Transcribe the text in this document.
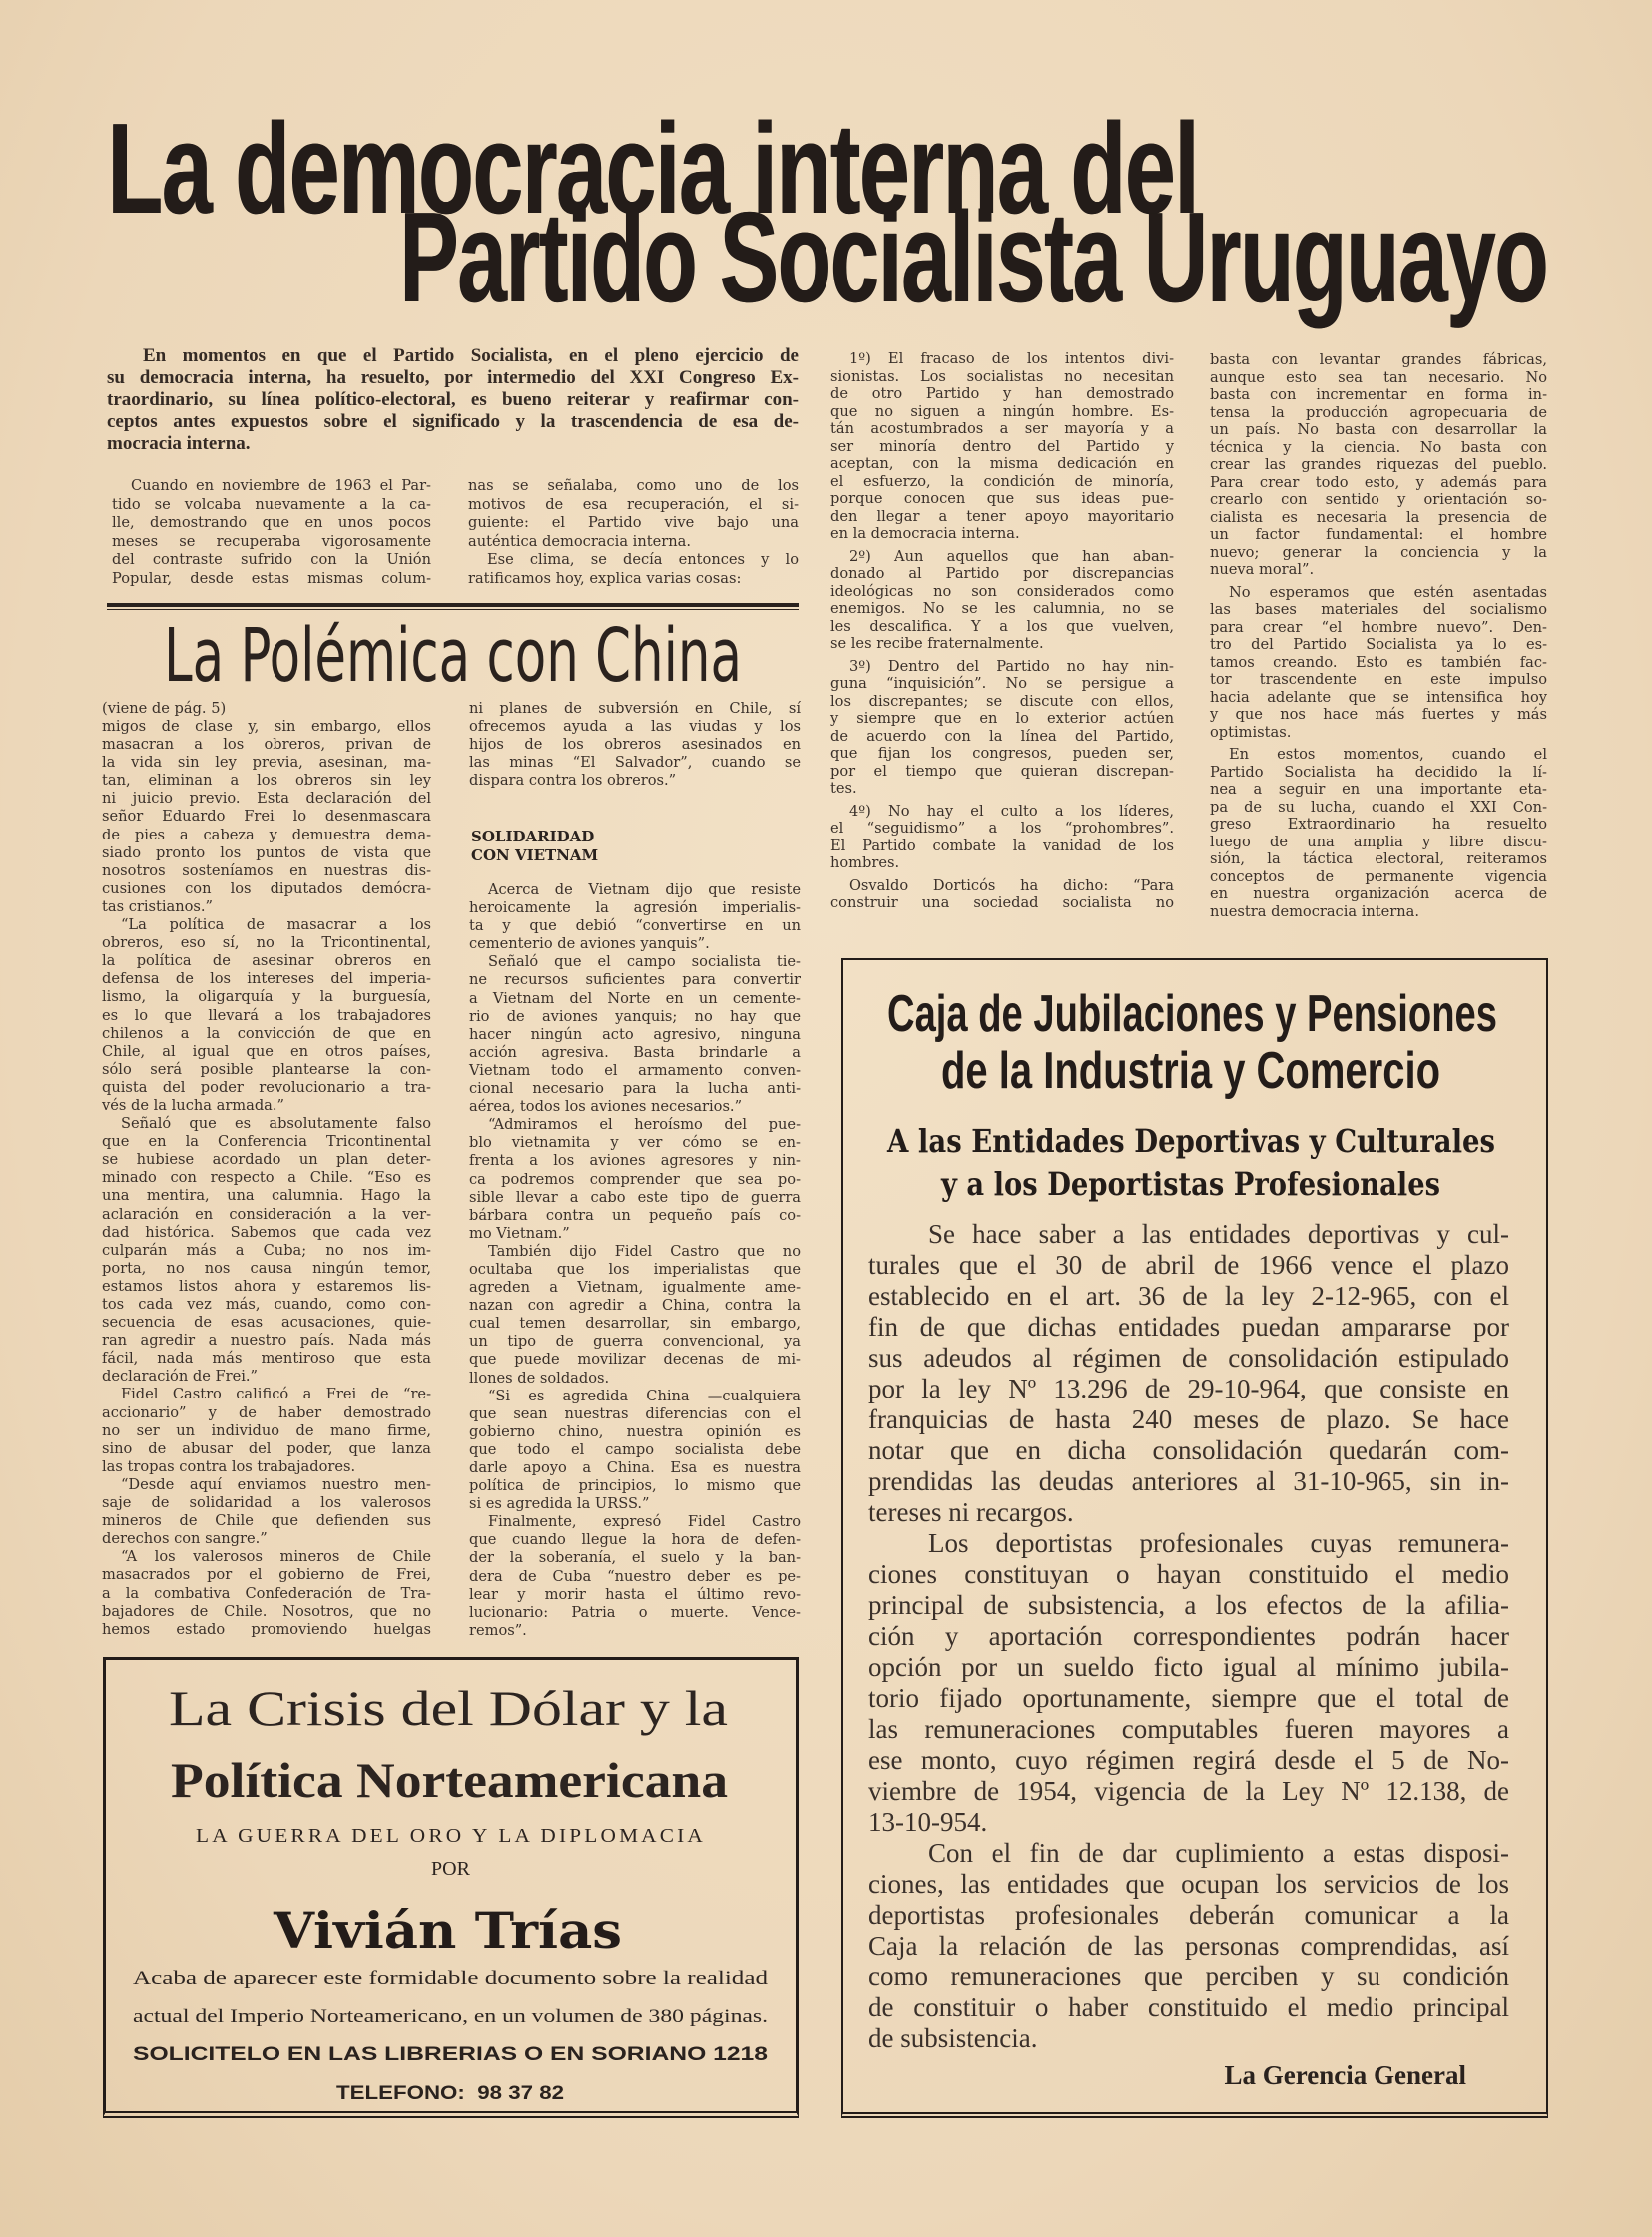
La democracia interna del
Partido Socialista Uruguayo
En momentos en que el Partido Socialista, en el pleno ejercicio de
su democracia interna, ha resuelto, por intermedio del XXI Congreso Ex-
traordinario, su línea político-electoral, es bueno reiterar y reafirmar con-
ceptos antes expuestos sobre el significado y la trascendencia de esa de-
mocracia interna.
Cuando en noviembre de 1963 el Par-
tido se volcaba nuevamente a la ca-
lle, demostrando que en unos pocos
meses se recuperaba vigorosamente
del contraste sufrido con la Unión
Popular, desde estas mismas colum-
nas se señalaba, como uno de los
motivos de esa recuperación, el si-
guiente: el Partido vive bajo una
auténtica democracia interna.
Ese clima, se decía entonces y lo
ratificamos hoy, explica varias cosas:
1º) El fracaso de los intentos divi-
sionistas. Los socialistas no necesitan
de otro Partido y han demostrado
que no siguen a ningún hombre. Es-
tán acostumbrados a ser mayoría y a
ser minoría dentro del Partido y
aceptan, con la misma dedicación en
el esfuerzo, la condición de minoría,
porque conocen que sus ideas pue-
den llegar a tener apoyo mayoritario
en la democracia interna.
2º) Aun aquellos que han aban-
donado al Partido por discrepancias
ideológicas no son considerados como
enemigos. No se les calumnia, no se
les descalifica. Y a los que vuelven,
se les recibe fraternalmente.
3º) Dentro del Partido no hay nin-
guna “inquisición”. No se persigue a
los discrepantes; se discute con ellos,
y siempre que en lo exterior actúen
de acuerdo con la línea del Partido,
que fijan los congresos, pueden ser,
por el tiempo que quieran discrepan-
tes.
4º) No hay el culto a los líderes,
el “seguidismo” a los “prohombres”.
El Partido combate la vanidad de los
hombres.
Osvaldo Dorticós ha dicho: “Para
construir una sociedad socialista no
basta con levantar grandes fábricas,
aunque esto sea tan necesario. No
basta con incrementar en forma in-
tensa la producción agropecuaria de
un país. No basta con desarrollar la
técnica y la ciencia. No basta con
crear las grandes riquezas del pueblo.
Para crear todo esto, y además para
crearlo con sentido y orientación so-
cialista es necesaria la presencia de
un factor fundamental: el hombre
nuevo; generar la conciencia y la
nueva moral”.
No esperamos que estén asentadas
las bases materiales del socialismo
para crear “el hombre nuevo”. Den-
tro del Partido Socialista ya lo es-
tamos creando. Esto es también fac-
tor trascendente en este impulso
hacia adelante que se intensifica hoy
y que nos hace más fuertes y más
optimistas.
En estos momentos, cuando el
Partido Socialista ha decidido la lí-
nea a seguir en una importante eta-
pa de su lucha, cuando el XXI Con-
greso Extraordinario ha resuelto
luego de una amplia y libre discu-
sión, la táctica electoral, reiteramos
conceptos de permanente vigencia
en nuestra organización acerca de
nuestra democracia interna.
La Polémica con China
(viene de pág. 5)
migos de clase y, sin embargo, ellos
masacran a los obreros, privan de
la vida sin ley previa, asesinan, ma-
tan, eliminan a los obreros sin ley
ni juicio previo. Esta declaración del
señor Eduardo Frei lo desenmascara
de pies a cabeza y demuestra dema-
siado pronto los puntos de vista que
nosotros sosteníamos en nuestras dis-
cusiones con los diputados demócra-
tas cristianos.”
“La política de masacrar a los
obreros, eso sí, no la Tricontinental,
la política de asesinar obreros en
defensa de los intereses del imperia-
lismo, la oligarquía y la burguesía,
es lo que llevará a los trabajadores
chilenos a la convicción de que en
Chile, al igual que en otros países,
sólo será posible plantearse la con-
quista del poder revolucionario a tra-
vés de la lucha armada.”
Señaló que es absolutamente falso
que en la Conferencia Tricontinental
se hubiese acordado un plan deter-
minado con respecto a Chile. “Eso es
una mentira, una calumnia. Hago la
aclaración en consideración a la ver-
dad histórica. Sabemos que cada vez
culparán más a Cuba; no nos im-
porta, no nos causa ningún temor,
estamos listos ahora y estaremos lis-
tos cada vez más, cuando, como con-
secuencia de esas acusaciones, quie-
ran agredir a nuestro país. Nada más
fácil, nada más mentiroso que esta
declaración de Frei.”
Fidel Castro calificó a Frei de “re-
accionario” y de haber demostrado
no ser un individuo de mano firme,
sino de abusar del poder, que lanza
las tropas contra los trabajadores.
“Desde aquí enviamos nuestro men-
saje de solidaridad a los valerosos
mineros de Chile que defienden sus
derechos con sangre.”
“A los valerosos mineros de Chile
masacrados por el gobierno de Frei,
a la combativa Confederación de Tra-
bajadores de Chile. Nosotros, que no
hemos estado promoviendo huelgas
ni planes de subversión en Chile, sí
ofrecemos ayuda a las viudas y los
hijos de los obreros asesinados en
las minas “El Salvador”, cuando se
dispara contra los obreros.”
SOLIDARIDAD
CON VIETNAM
Acerca de Vietnam dijo que resiste
heroicamente la agresión imperialis-
ta y que debió “convertirse en un
cementerio de aviones yanquis”.
Señaló que el campo socialista tie-
ne recursos suficientes para convertir
a Vietnam del Norte en un cemente-
rio de aviones yanquis; no hay que
hacer ningún acto agresivo, ninguna
acción agresiva. Basta brindarle a
Vietnam todo el armamento conven-
cional necesario para la lucha anti-
aérea, todos los aviones necesarios.”
“Admiramos el heroísmo del pue-
blo vietnamita y ver cómo se en-
frenta a los aviones agresores y nin-
ca podremos comprender que sea po-
sible llevar a cabo este tipo de guerra
bárbara contra un pequeño país co-
mo Vietnam.”
También dijo Fidel Castro que no
ocultaba que los imperialistas que
agreden a Vietnam, igualmente ame-
nazan con agredir a China, contra la
cual temen desarrollar, sin embargo,
un tipo de guerra convencional, ya
que puede movilizar decenas de mi-
llones de soldados.
“Si es agredida China —cualquiera
que sean nuestras diferencias con el
gobierno chino, nuestra opinión es
que todo el campo socialista debe
darle apoyo a China. Esa es nuestra
política de principios, lo mismo que
si es agredida la URSS.”
Finalmente, expresó Fidel Castro
que cuando llegue la hora de defen-
der la soberanía, el suelo y la ban-
dera de Cuba “nuestro deber es pe-
lear y morir hasta el último revo-
lucionario: Patria o muerte. Vence-
remos”.
La Crisis del Dólar y la
Política Norteamericana
LA GUERRA DEL ORO Y LA DIPLOMACIA
POR
Vivián Trías
Acaba de aparecer este formidable documento sobre la realidad
actual del Imperio Norteamericano, en un volumen de 380 páginas.
SOLICITELO EN LAS LIBRERIAS O EN SORIANO 1218
TELEFONO:  98 37 82
Caja de Jubilaciones y Pensiones
de la Industria y Comercio
A las Entidades Deportivas y Culturales
y a los Deportistas Profesionales
Se hace saber a las entidades deportivas y cul-
turales que el 30 de abril de 1966 vence el plazo
establecido en el art. 36 de la ley 2-12-965, con el
fin de que dichas entidades puedan ampararse por
sus adeudos al régimen de consolidación estipulado
por la ley Nº 13.296 de 29-10-964, que consiste en
franquicias de hasta 240 meses de plazo. Se hace
notar que en dicha consolidación quedarán com-
prendidas las deudas anteriores al 31-10-965, sin in-
tereses ni recargos.
Los deportistas profesionales cuyas remunera-
ciones constituyan o hayan constituido el medio
principal de subsistencia, a los efectos de la afilia-
ción y aportación correspondientes podrán hacer
opción por un sueldo ficto igual al mínimo jubila-
torio fijado oportunamente, siempre que el total de
las remuneraciones computables fueren mayores a
ese monto, cuyo régimen regirá desde el 5 de No-
viembre de 1954, vigencia de la Ley Nº 12.138, de
13-10-954.
Con el fin de dar cuplimiento a estas disposi-
ciones, las entidades que ocupan los servicios de los
deportistas profesionales deberán comunicar a la
Caja la relación de las personas comprendidas, así
como remuneraciones que perciben y su condición
de constituir o haber constituido el medio principal
de subsistencia.
La Gerencia General
